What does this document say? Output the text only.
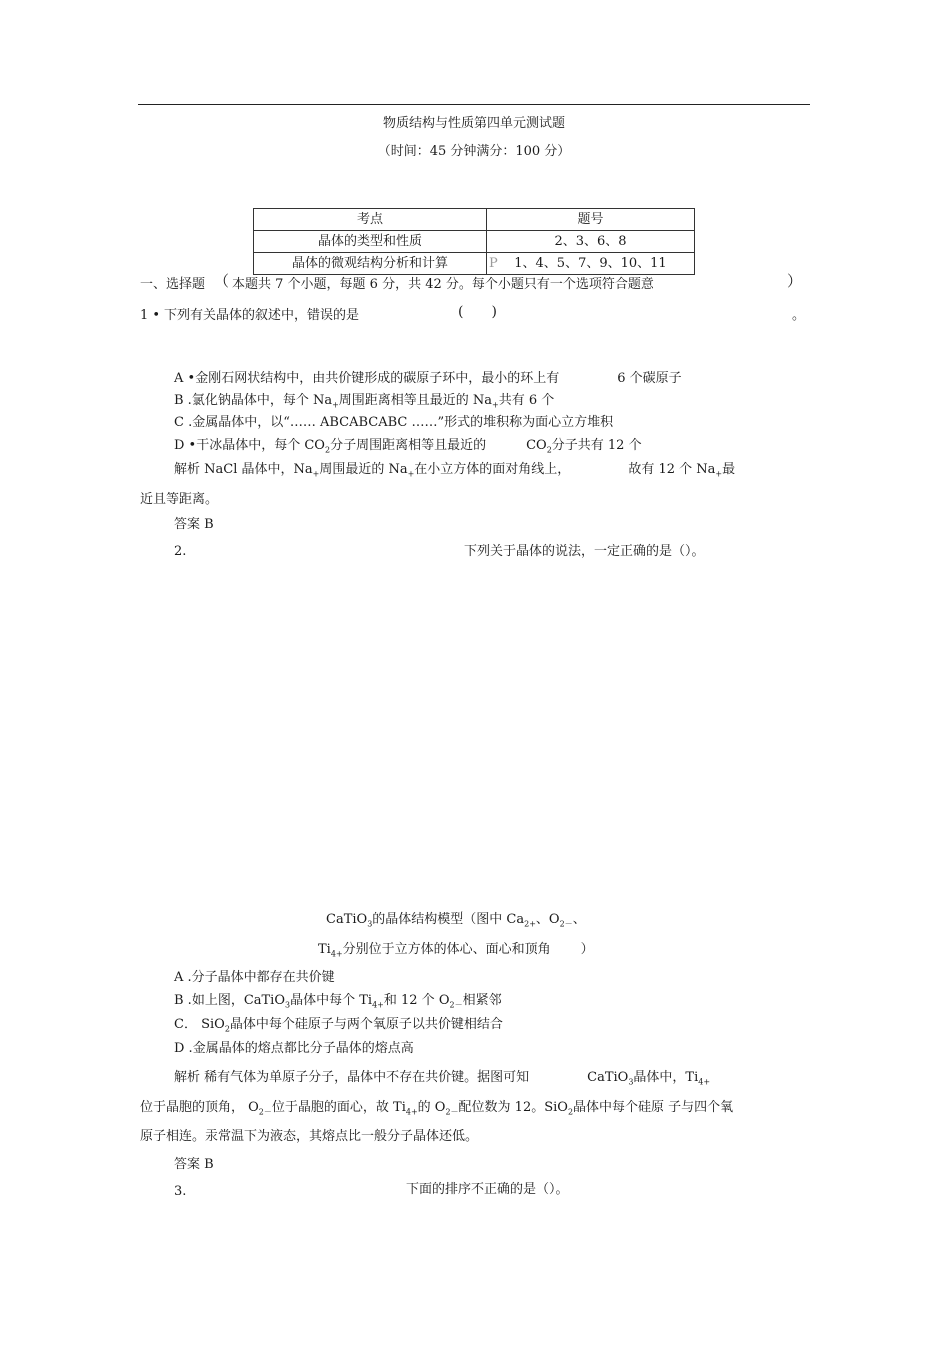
物质结构与性质第四单元测试题
（时间：45 分钟满分：100 分）
考点	题号
晶体的类型和性质	2、3、6、8
晶体的微观结构分析和计算	P 1、4、5、7、9、10、11
一、选择题 （ 本题共 7 个小题，每题 6 分，共 42 分。每个小题只有一个选项符合题意	）
1 • 下列有关晶体的叙述中，错误的是	(　　)	。
A •金刚石网状结构中，由共价键形成的碳原子环中，最小的环上有	6 个碳原子
B .氯化钠晶体中，每个 $Na_+$周围距离相等且最近的 $Na_+$共有 6 个
C .金属晶体中，以“…… ABCABCABC ……”形式的堆积称为面心立方堆积
D •干冰晶体中，每个 $CO_2$分子周围距离相等且最近的	$CO_2$分子共有 12 个
解析 NaCl 晶体中，$Na_+$周围最近的 $Na_+$在小立方体的面对角线上，	故有 12 个 $Na_+$最
近且等距离。
答案 B
2.	下列关于晶体的说法，一定正确的是（）。
CaTiO$_3$的晶体结构模型（图中 $Ca_{2+}$、$O_{2-}$、
$Ti_{4+}$分别位于立方体的体心、面心和顶角 ）
A .分子晶体中都存在共价键
B .如上图，CaTiO$_3$晶体中每个 $Ti_{4+}$和 12 个 $O_{2-}$相紧邻
C． SiO$_2$晶体中每个硅原子与两个氧原子以共价键相结合
D .金属晶体的熔点都比分子晶体的熔点高
解析 稀有气体为单原子分子，晶体中不存在共价键。据图可知	CaTiO$_3$晶体中，$Ti_{4+}$
位于晶胞的顶角， $O_{2-}$位于晶胞的面心，故 $Ti_{4+}$的 $O_{2-}$配位数为 12。SiO$_2$晶体中每个硅原 子与四个氧
原子相连。汞常温下为液态，其熔点比一般分子晶体还低。
答案 B
3.	下面的排序不正确的是（）。
